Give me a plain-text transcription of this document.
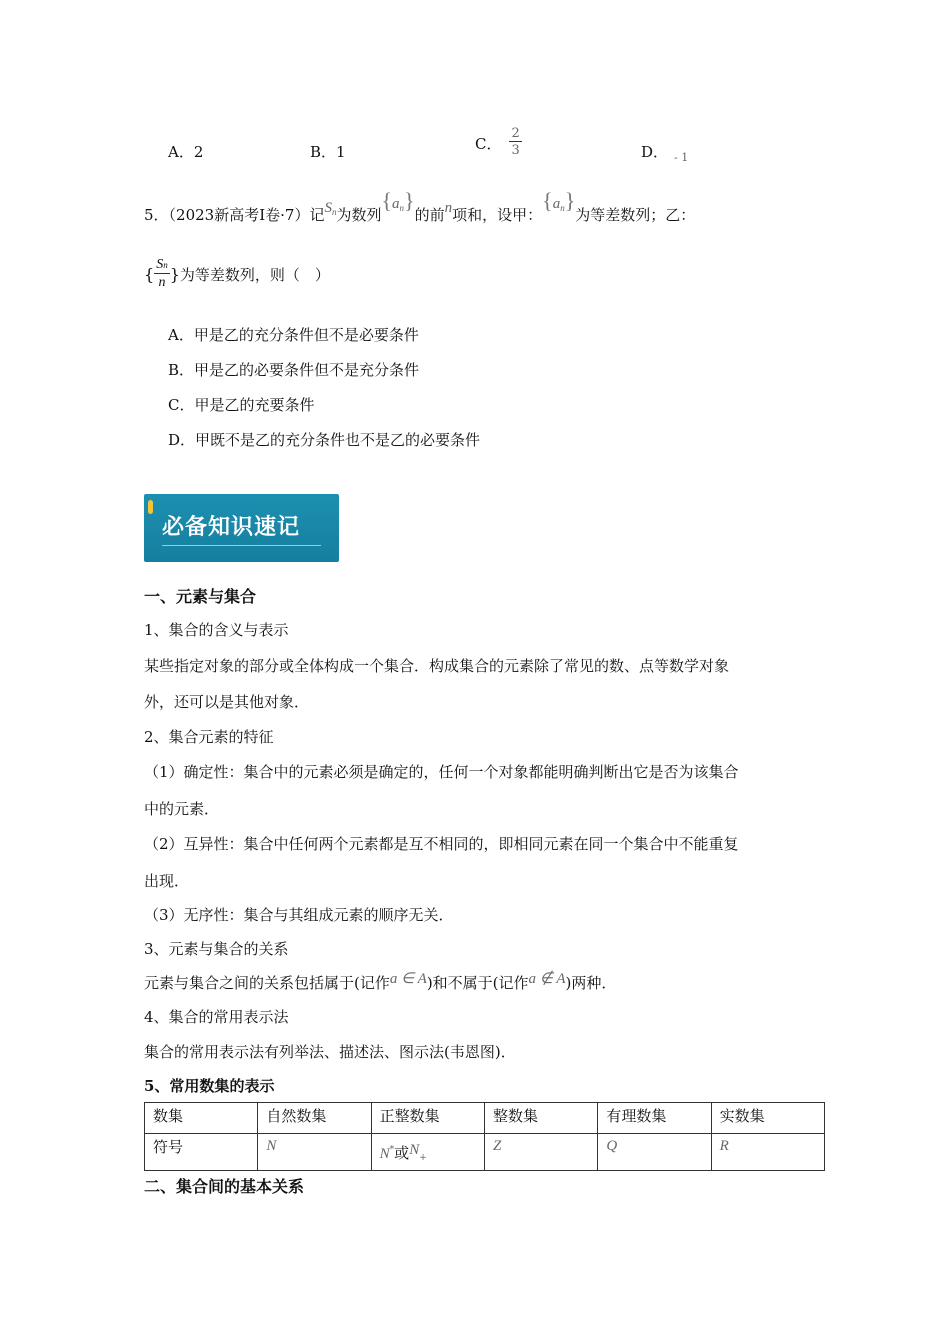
A．2	B．1	C． $\frac{2}{3}$	D． $_{- 1}$
5．（2023新高考Ⅰ卷·7）记$S_n$为数列$\{a_n\}$的前n项和，设甲：$\{a_n\}$为等差数列；乙：
{ $\frac{Sn}{n}$ } 为等差数列，则（　）
A．甲是乙的充分条件但不是必要条件
B．甲是乙的必要条件但不是充分条件
C．甲是乙的充要条件
D．甲既不是乙的充分条件也不是乙的必要条件
必备知识速记
一、元素与集合
1、集合的含义与表示
某些指定对象的部分或全体构成一个集合．构成集合的元素除了常见的数、点等数学对象
外，还可以是其他对象．
2、集合元素的特征
（1）确定性：集合中的元素必须是确定的，任何一个对象都能明确判断出它是否为该集合
中的元素．
（2）互异性：集合中任何两个元素都是互不相同的，即相同元素在同一个集合中不能重复
出现．
（3）无序性：集合与其组成元素的顺序无关．
3、元素与集合的关系
元素与集合之间的关系包括属于(记作a ∈ A)和不属于(记作a ∉ A)两种．
4、集合的常用表示法
集合的常用表示法有列举法、描述法、图示法(韦恩图)．
5、常用数集的表示
数集	自然数集	正整数集	整数集	有理数集	实数集
符号	N	N*或N+	Z	Q	R
二、集合间的基本关系
